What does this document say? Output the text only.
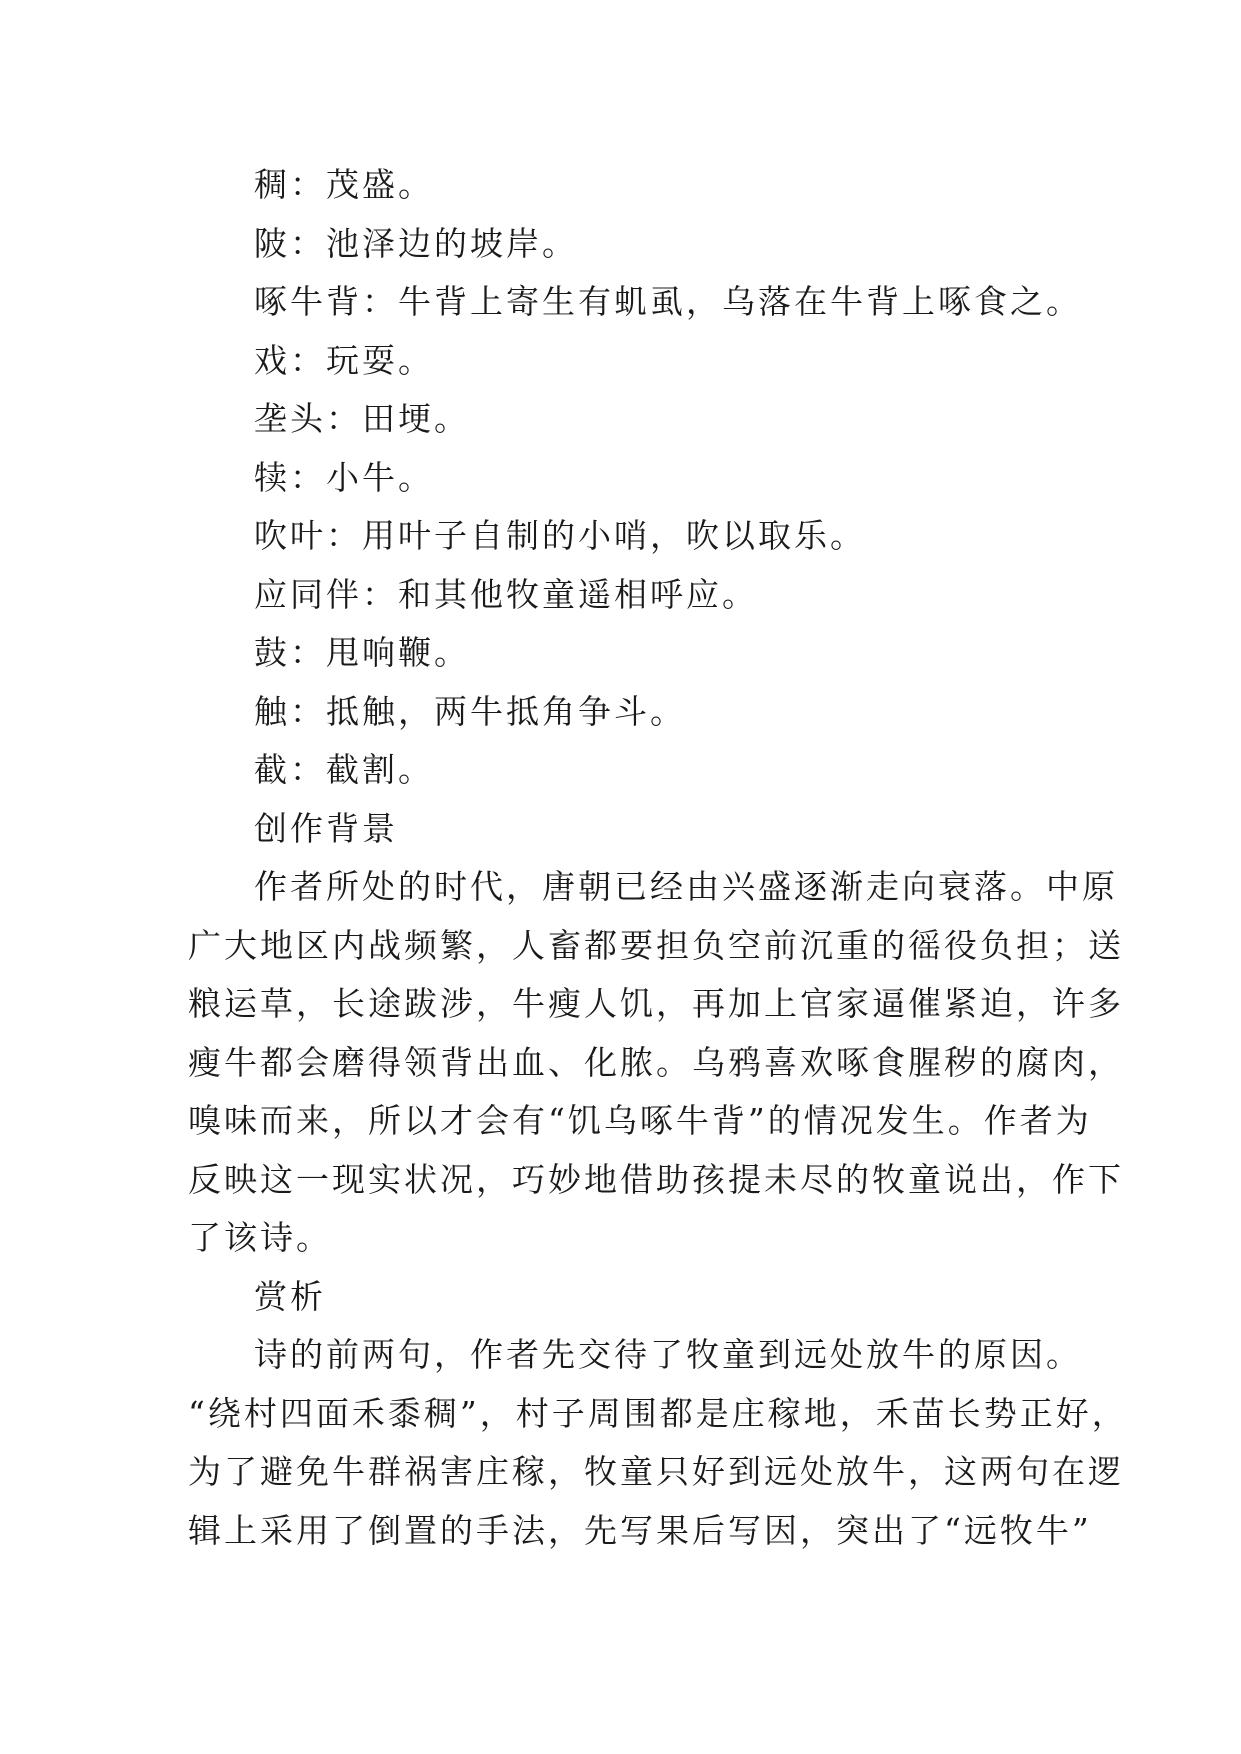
稠：茂盛。

陂：池泽边的坡岸。

啄牛背：牛背上寄生有虮虱，乌落在牛背上啄食之。

戏：玩耍。

垄头：田埂。

犊：小牛。

吹叶：用叶子自制的小哨，吹以取乐。

应同伴：和其他牧童遥相呼应。

鼓：甩响鞭。

触：抵触，两牛抵角争斗。

截：截割。

创作背景

作者所处的时代，唐朝已经由兴盛逐渐走向衰落。中原

广大地区内战频繁，人畜都要担负空前沉重的徭役负担；送

粮运草，长途跋涉，牛瘦人饥，再加上官家逼催紧迫，许多

瘦牛都会磨得领背出血、化脓。乌鸦喜欢啄食腥秽的腐肉，

嗅味而来，所以才会有“饥乌啄牛背”的情况发生。作者为

反映这一现实状况，巧妙地借助孩提未尽的牧童说出，作下

了该诗。

赏析

诗的前两句，作者先交待了牧童到远处放牛的原因。

“绕村四面禾黍稠”，村子周围都是庄稼地，禾苗长势正好，

为了避免牛群祸害庄稼，牧童只好到远处放牛，这两句在逻

辑上采用了倒置的手法，先写果后写因，突出了“远牧牛”
